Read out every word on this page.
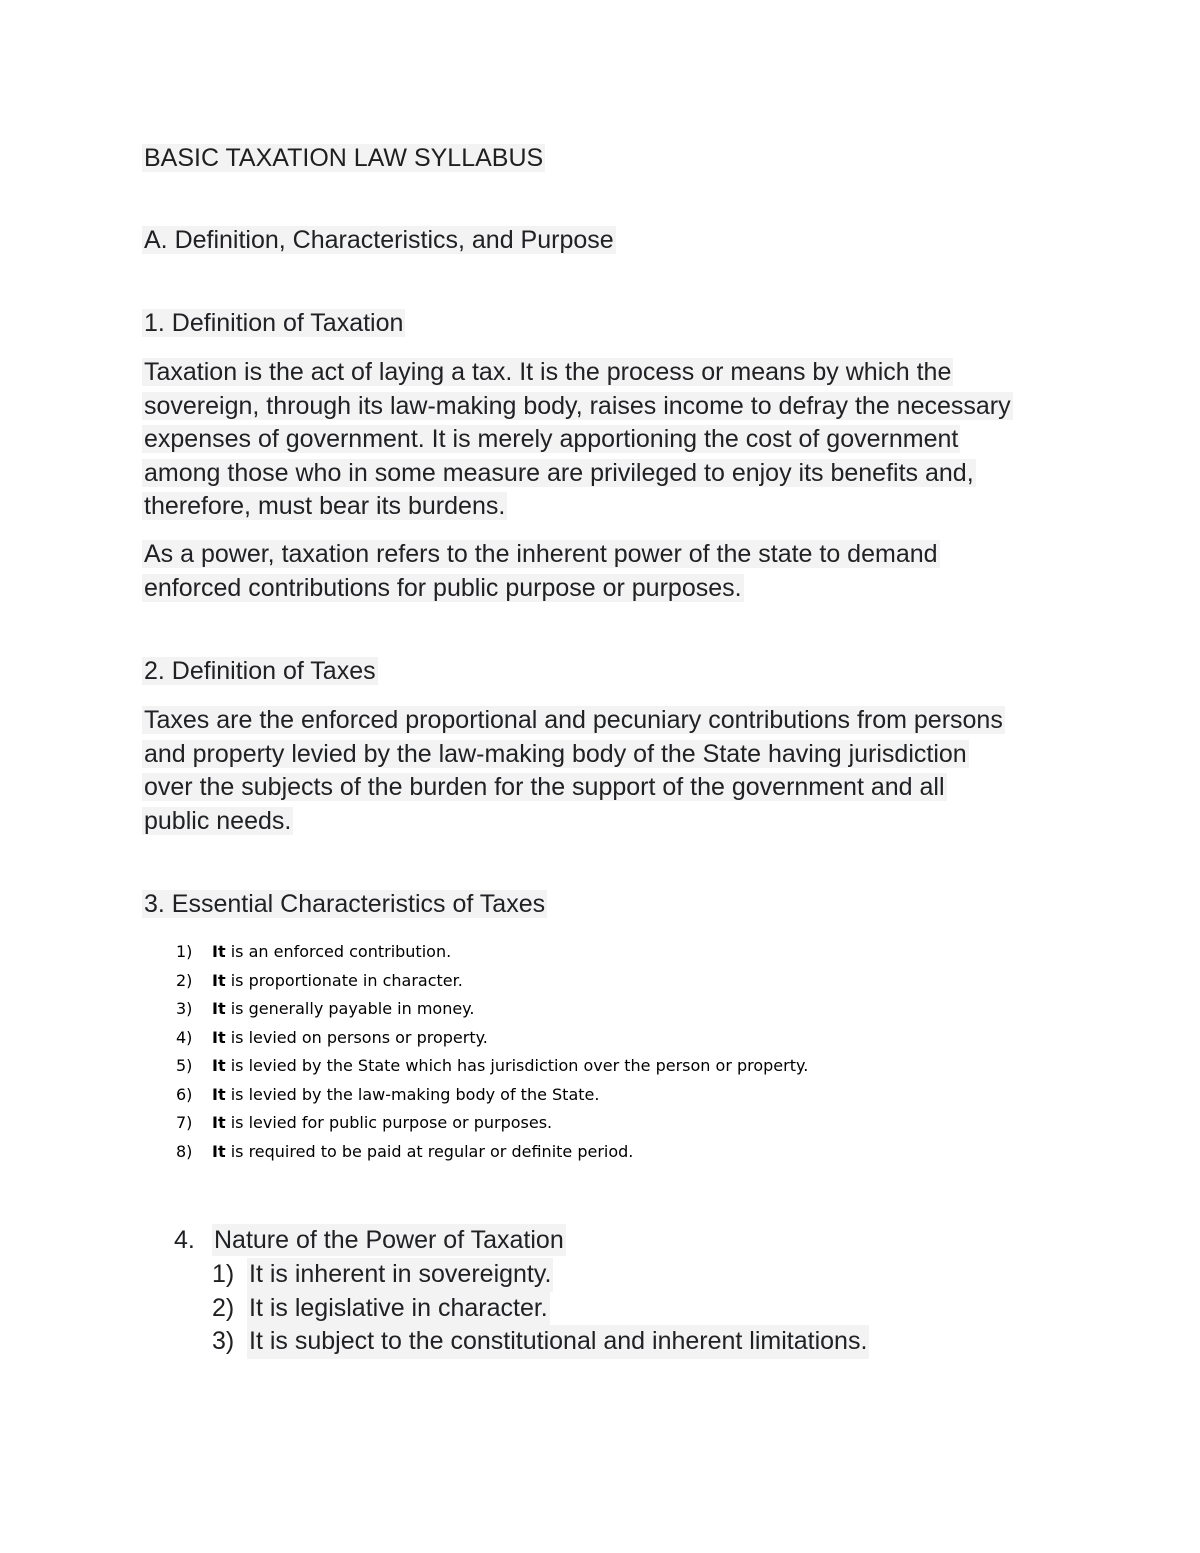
BASIC TAXATION LAW SYLLABUS
A. Definition, Characteristics, and Purpose
1. Definition of Taxation

Taxation is the act of laying a tax. It is the process or means by which the
sovereign, through its law-making body, raises income to defray the necessary
expenses of government. It is merely apportioning the cost of government
among those who in some measure are privileged to enjoy its benefits and,
therefore, must bear its burdens.

As a power, taxation refers to the inherent power of the state to demand
enforced contributions for public purpose or purposes.

2. Definition of Taxes

Taxes are the enforced proportional and pecuniary contributions from persons
and property levied by the law-making body of the State having jurisdiction
over the subjects of the burden for the support of the government and all
public needs.

3. Essential Characteristics of Taxes
1)	It is an enforced contribution.
2)	It is proportionate in character.
3)	It is generally payable in money.
4)	It is levied on persons or property.
5)	It is levied by the State which has jurisdiction over the person or property.
6)	It is levied by the law-making body of the State.
7)	It is levied for public purpose or purposes.
8)	It is required to be paid at regular or definite period.
4. Nature of the Power of Taxation
1) It is inherent in sovereignty.
2) It is legislative in character.
3) It is subject to the constitutional and inherent limitations.
